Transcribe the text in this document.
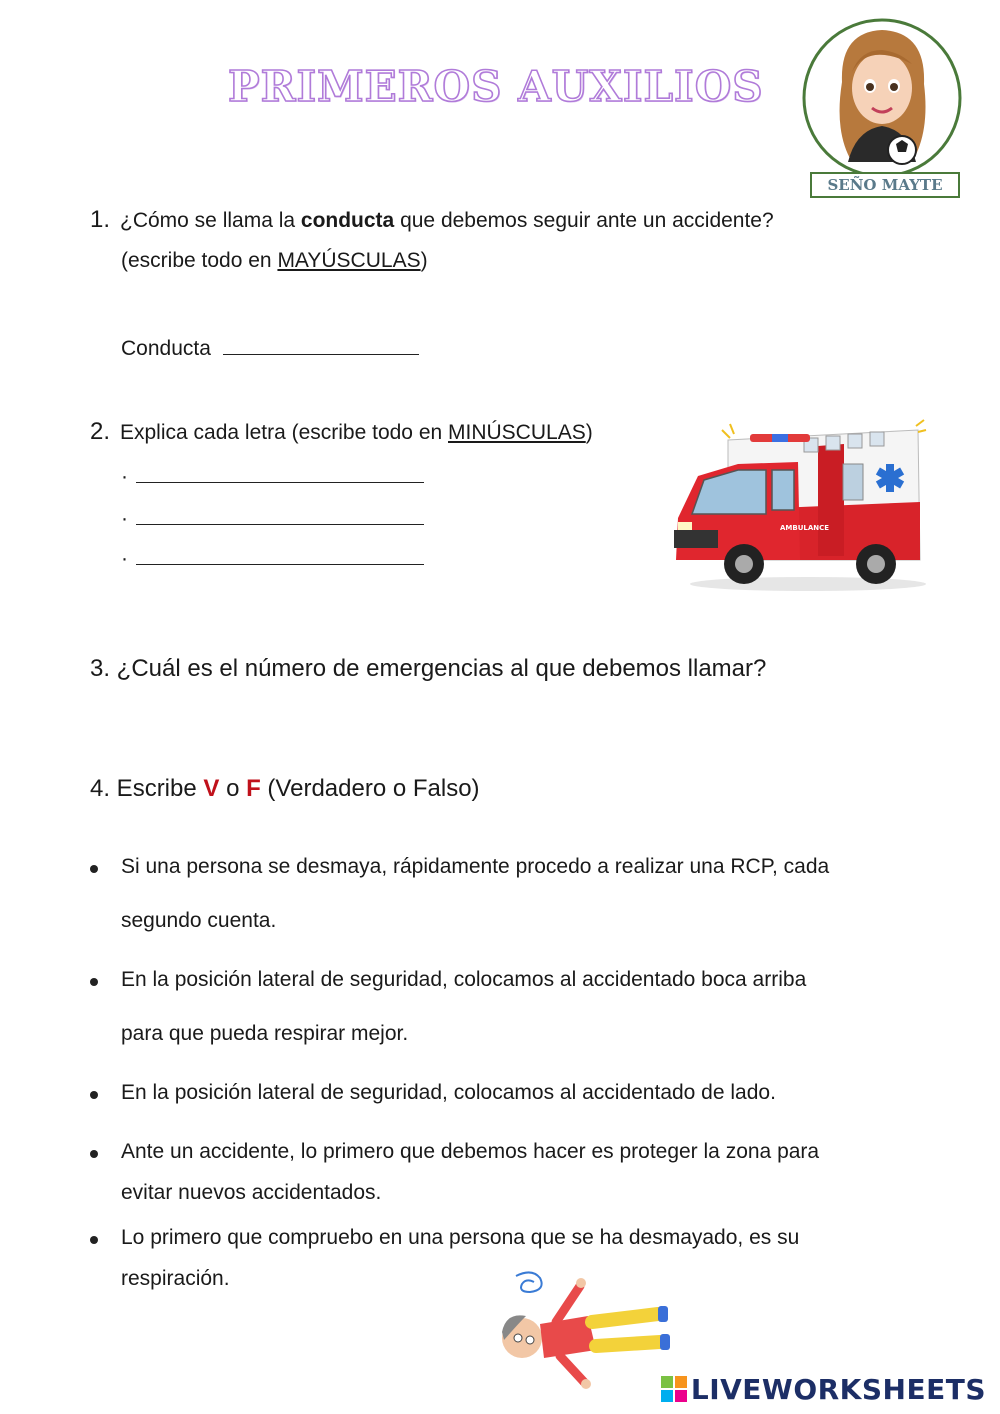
PRIMEROS AUXILIOS
SEÑO MAYTE
1. ¿Cómo se llama la conducta que debemos seguir ante un accidente?
(escribe todo en MAYÚSCULAS)
Conducta
2. Explica cada letra (escribe todo en MINÚSCULAS)
·
·
·
AMBULANCE
3. ¿Cuál es el número de emergencias al que debemos llamar?
4. Escribe V o F (Verdadero o Falso)
Si una persona se desmaya, rápidamente procedo a realizar una RCP, cada
segundo cuenta.
En la posición lateral de seguridad, colocamos al accidentado boca arriba
para que pueda respirar mejor.
En la posición lateral de seguridad, colocamos al accidentado de lado.
Ante un accidente, lo primero que debemos hacer es proteger la zona para
evitar nuevos accidentados.
Lo primero que compruebo en una persona que se ha desmayado, es su
respiración.
LIVEWORKSHEETS
